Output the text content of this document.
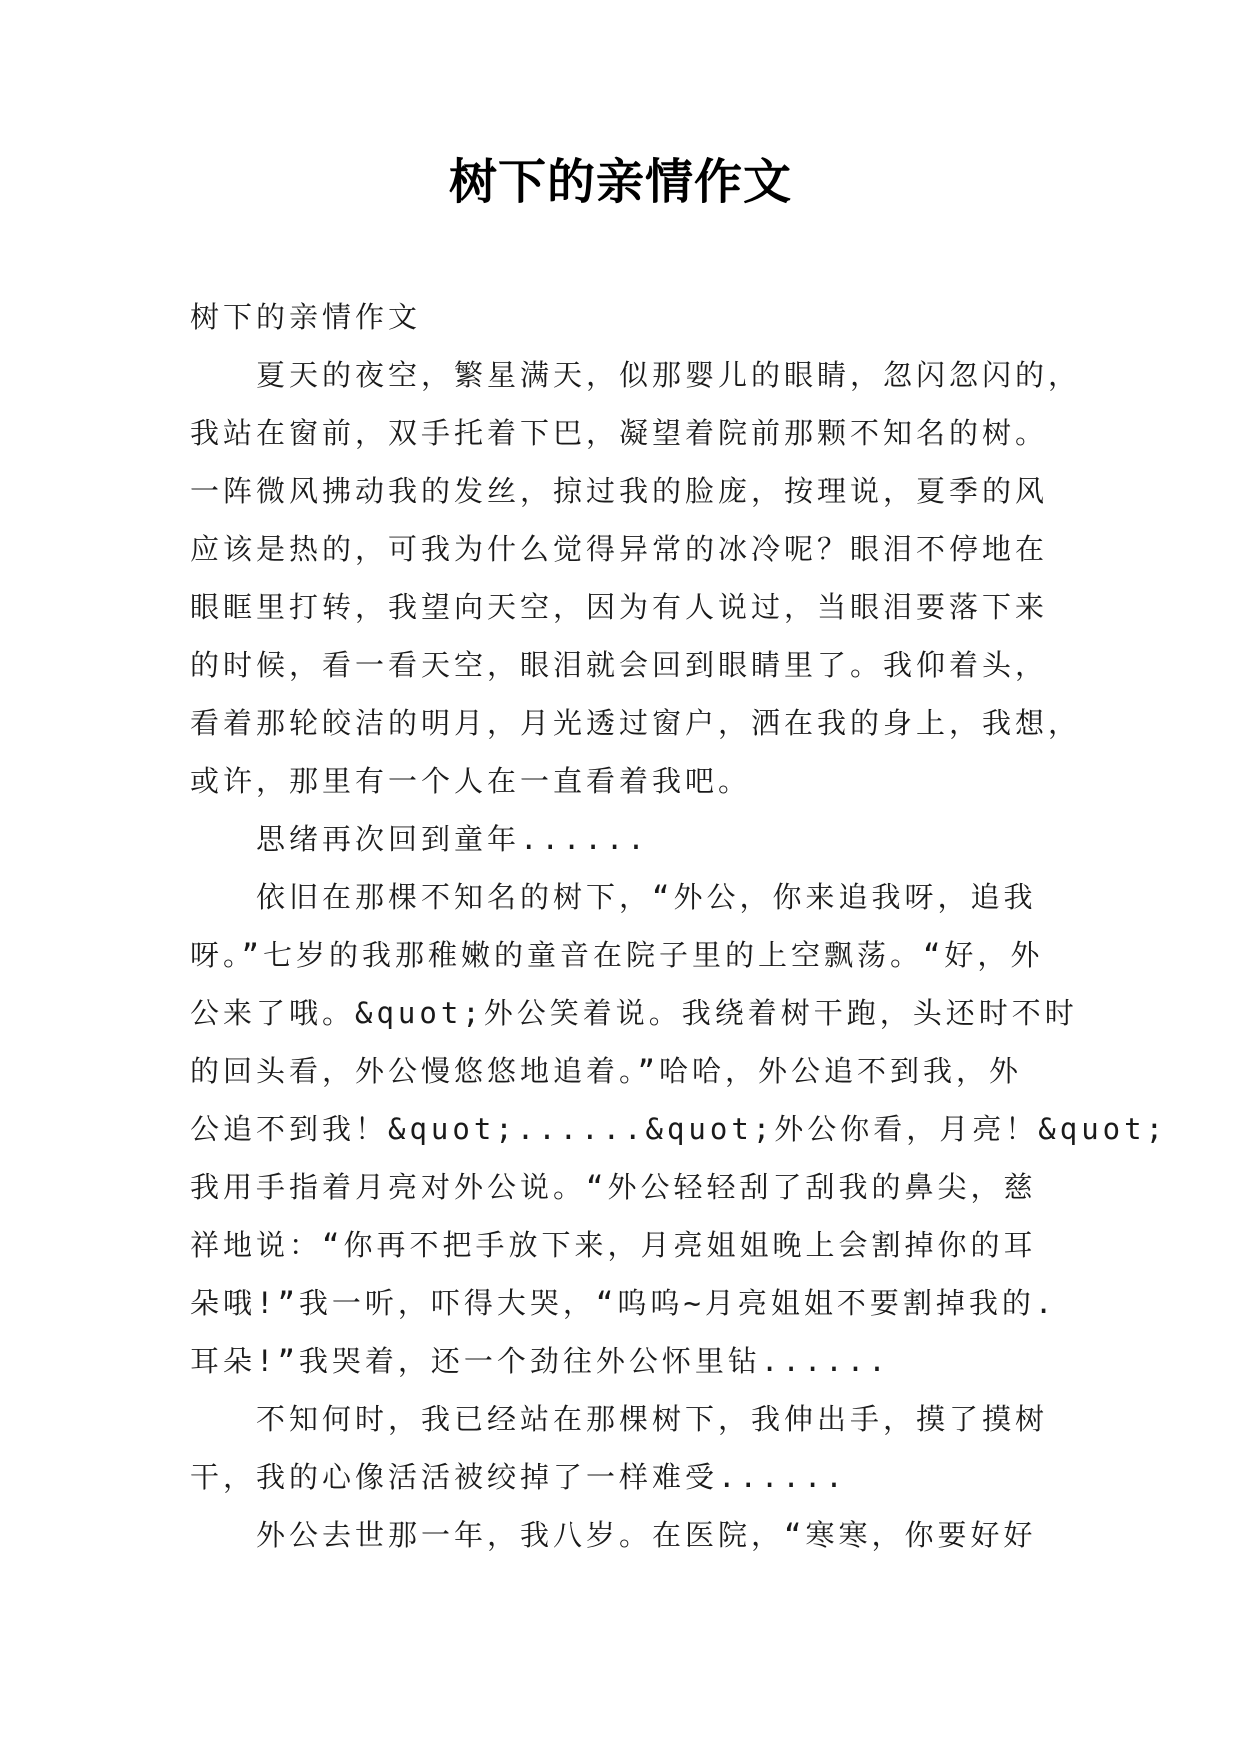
树下的亲情作文
树下的亲情作文
夏天的夜空，繁星满天，似那婴儿的眼睛，忽闪忽闪的，
我站在窗前，双手托着下巴，凝望着院前那颗不知名的树。
一阵微风拂动我的发丝，掠过我的脸庞，按理说，夏季的风
应该是热的，可我为什么觉得异常的冰冷呢？眼泪不停地在
眼眶里打转，我望向天空，因为有人说过，当眼泪要落下来
的时候，看一看天空，眼泪就会回到眼睛里了。我仰着头，
看着那轮皎洁的明月，月光透过窗户，洒在我的身上，我想，
或许，那里有一个人在一直看着我吧。
思绪再次回到童年......
依旧在那棵不知名的树下，“外公，你来追我呀，追我
呀。”七岁的我那稚嫩的童音在院子里的上空飘荡。“好，外
公来了哦。&quot;外公笑着说。我绕着树干跑，头还时不时
的回头看，外公慢悠悠地追着。”哈哈，外公追不到我，外
公追不到我！&quot;......&quot;外公你看，月亮！&quot;
我用手指着月亮对外公说。“外公轻轻刮了刮我的鼻尖，慈
祥地说：“你再不把手放下来，月亮姐姐晚上会割掉你的耳
朵哦!”我一听，吓得大哭，“呜呜~月亮姐姐不要割掉我的.
耳朵!”我哭着，还一个劲往外公怀里钻......
不知何时，我已经站在那棵树下，我伸出手，摸了摸树
干，我的心像活活被绞掉了一样难受......
外公去世那一年，我八岁。在医院，“寒寒，你要好好
